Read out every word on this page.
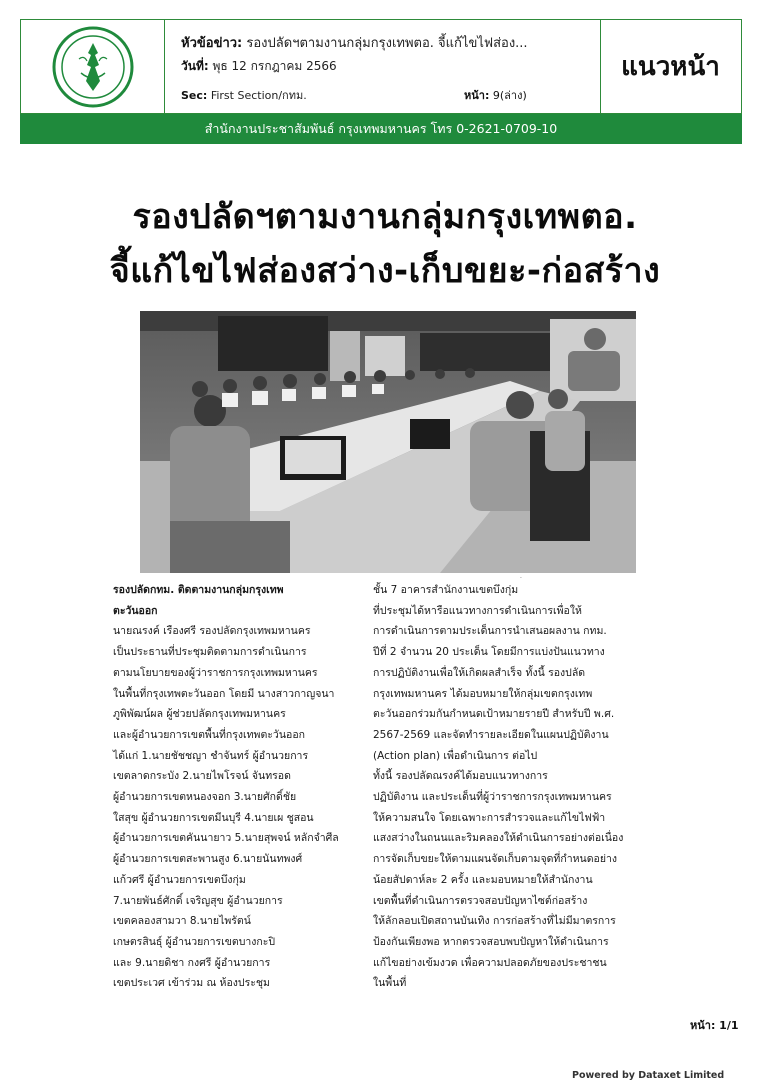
หัวข้อข่าว: รองปลัดฯตามงานกลุ่มกรุงเทพตอ. จี้แก้ไขไฟส่อง...
วันที่: พุธ 12 กรกฎาคม 2566
Sec: First Section/กทม.	หน้า: 9(ล่าง)
แนวหน้า
สำนักงานประชาสัมพันธ์ กรุงเทพมหานคร โทร 0-2621-0709-10
รองปลัดฯตามงานกลุ่มกรุงเทพตอ.
จี้แก้ไขไฟส่องสว่าง-เก็บขยะ-ก่อสร้าง
·

รองปลัดกทม. ติดตามงานกลุ่มกรุงเทพ

ตะวันออก

นายณรงค์ เรืองศรี รองปลัดกรุงเทพมหานคร

เป็นประธานที่ประชุมติดตามการดำเนินการ

ตามนโยบายของผู้ว่าราชการกรุงเทพมหานคร

ในพื้นที่กรุงเทพตะวันออก โดยมี นางสาวกาญจนา

ภูพิพัฒน์ผล ผู้ช่วยปลัดกรุงเทพมหานคร

และผู้อำนวยการเขตพื้นที่กรุงเทพตะวันออก

ได้แก่ 1.นายชัชชญา ชำจันทร์ ผู้อำนวยการ

เขตลาดกระบัง 2.นายไพโรจน์ จันทรอด

ผู้อำนวยการเขตหนองจอก 3.นายศักดิ์ชัย

ใสสุข ผู้อำนวยการเขตมีนบุรี 4.นายเผ ชูสอน

ผู้อำนวยการเขตคันนายาว 5.นายสุพจน์ หลักจำศีล

ผู้อำนวยการเขตสะพานสูง 6.นายนันทพงศ์

แก้วศรี ผู้อำนวยการเขตบึงกุ่ม

7.นายพันธ์ศักดิ์ เจริญสุข ผู้อำนวยการ

เขตคลองสามวา 8.นายไพรัตน์

เกษตรสินธุ์ ผู้อำนวยการเขตบางกะปิ

และ 9.นายดิชา กงศรี ผู้อำนวยการ

เขตประเวศ เข้าร่วม ณ ห้องประชุม

ชั้น 7 อาคารสำนักงานเขตบึงกุ่ม

ที่ประชุมได้หารือแนวทางการดำเนินการเพื่อให้

การดำเนินการตามประเด็นการนำเสนอผลงาน กทม.

ปีที่ 2 จำนวน 20 ประเด็น โดยมีการแบ่งปันแนวทาง

การปฏิบัติงานเพื่อให้เกิดผลสำเร็จ ทั้งนี้ รองปลัด

กรุงเทพมหานคร ได้มอบหมายให้กลุ่มเขตกรุงเทพ

ตะวันออกร่วมกันกำหนดเป้าหมายรายปี สำหรับปี พ.ศ.

2567-2569 และจัดทำรายละเอียดในแผนปฏิบัติงาน

(Action plan) เพื่อดำเนินการ ต่อไป

ทั้งนี้ รองปลัดณรงค์ได้มอบแนวทางการ

ปฏิบัติงาน และประเด็นที่ผู้ว่าราชการกรุงเทพมหานคร

ให้ความสนใจ โดยเฉพาะการสำรวจและแก้ไขไฟฟ้า

แสงสว่างในถนนและริมคลองให้ดำเนินการอย่างต่อเนื่อง

การจัดเก็บขยะให้ตามแผนจัดเก็บตามจุดที่กำหนดอย่าง

น้อยสัปดาห์ละ 2 ครั้ง และมอบหมายให้สำนักงาน

เขตพื้นที่ดำเนินการตรวจสอบปัญหาไซต์ก่อสร้าง

ให้ลักลอบเปิดสถานบันเทิง การก่อสร้างที่ไม่มีมาตรการ

ป้องกันเพียงพอ หากตรวจสอบพบปัญหาให้ดำเนินการ

แก้ไขอย่างเข้มงวด เพื่อความปลอดภัยของประชาชน

ในพื้นที่

หน้า: 1/1
Powered by Dataxet Limited
